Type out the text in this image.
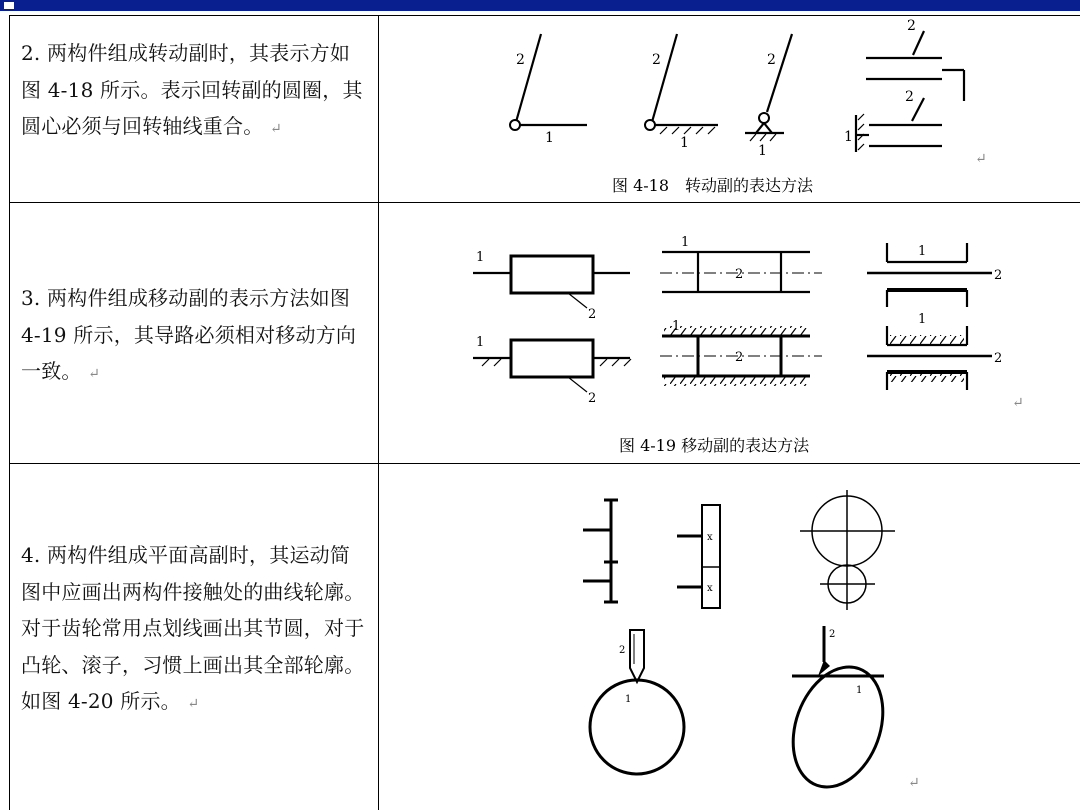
2. 两构件组成转动副时，其表示方如图 4-18 所示。表示回转副的圆圈，其圆心必须与回转轴线重合。 ↵
3. 两构件组成移动副的表示方法如图 4-19 所示，其导路必须相对移动方向一致。 ↵
4. 两构件组成平面高副时，其运动简图中应画出两构件接触处的曲线轮廓。对于齿轮常用点划线画出其节圆，对于凸轮、滚子，习惯上画出其全部轮廓。如图 4-20 所示。 ↵
2
1
2
1
2
1
2
2
1
图 4-18　转动副的表达方法
↵
1
2
1
2
1
2
1
2
1
2
1
2
图 4-19 移动副的表达方法
↵
x
x
2
1
2
1
↵
